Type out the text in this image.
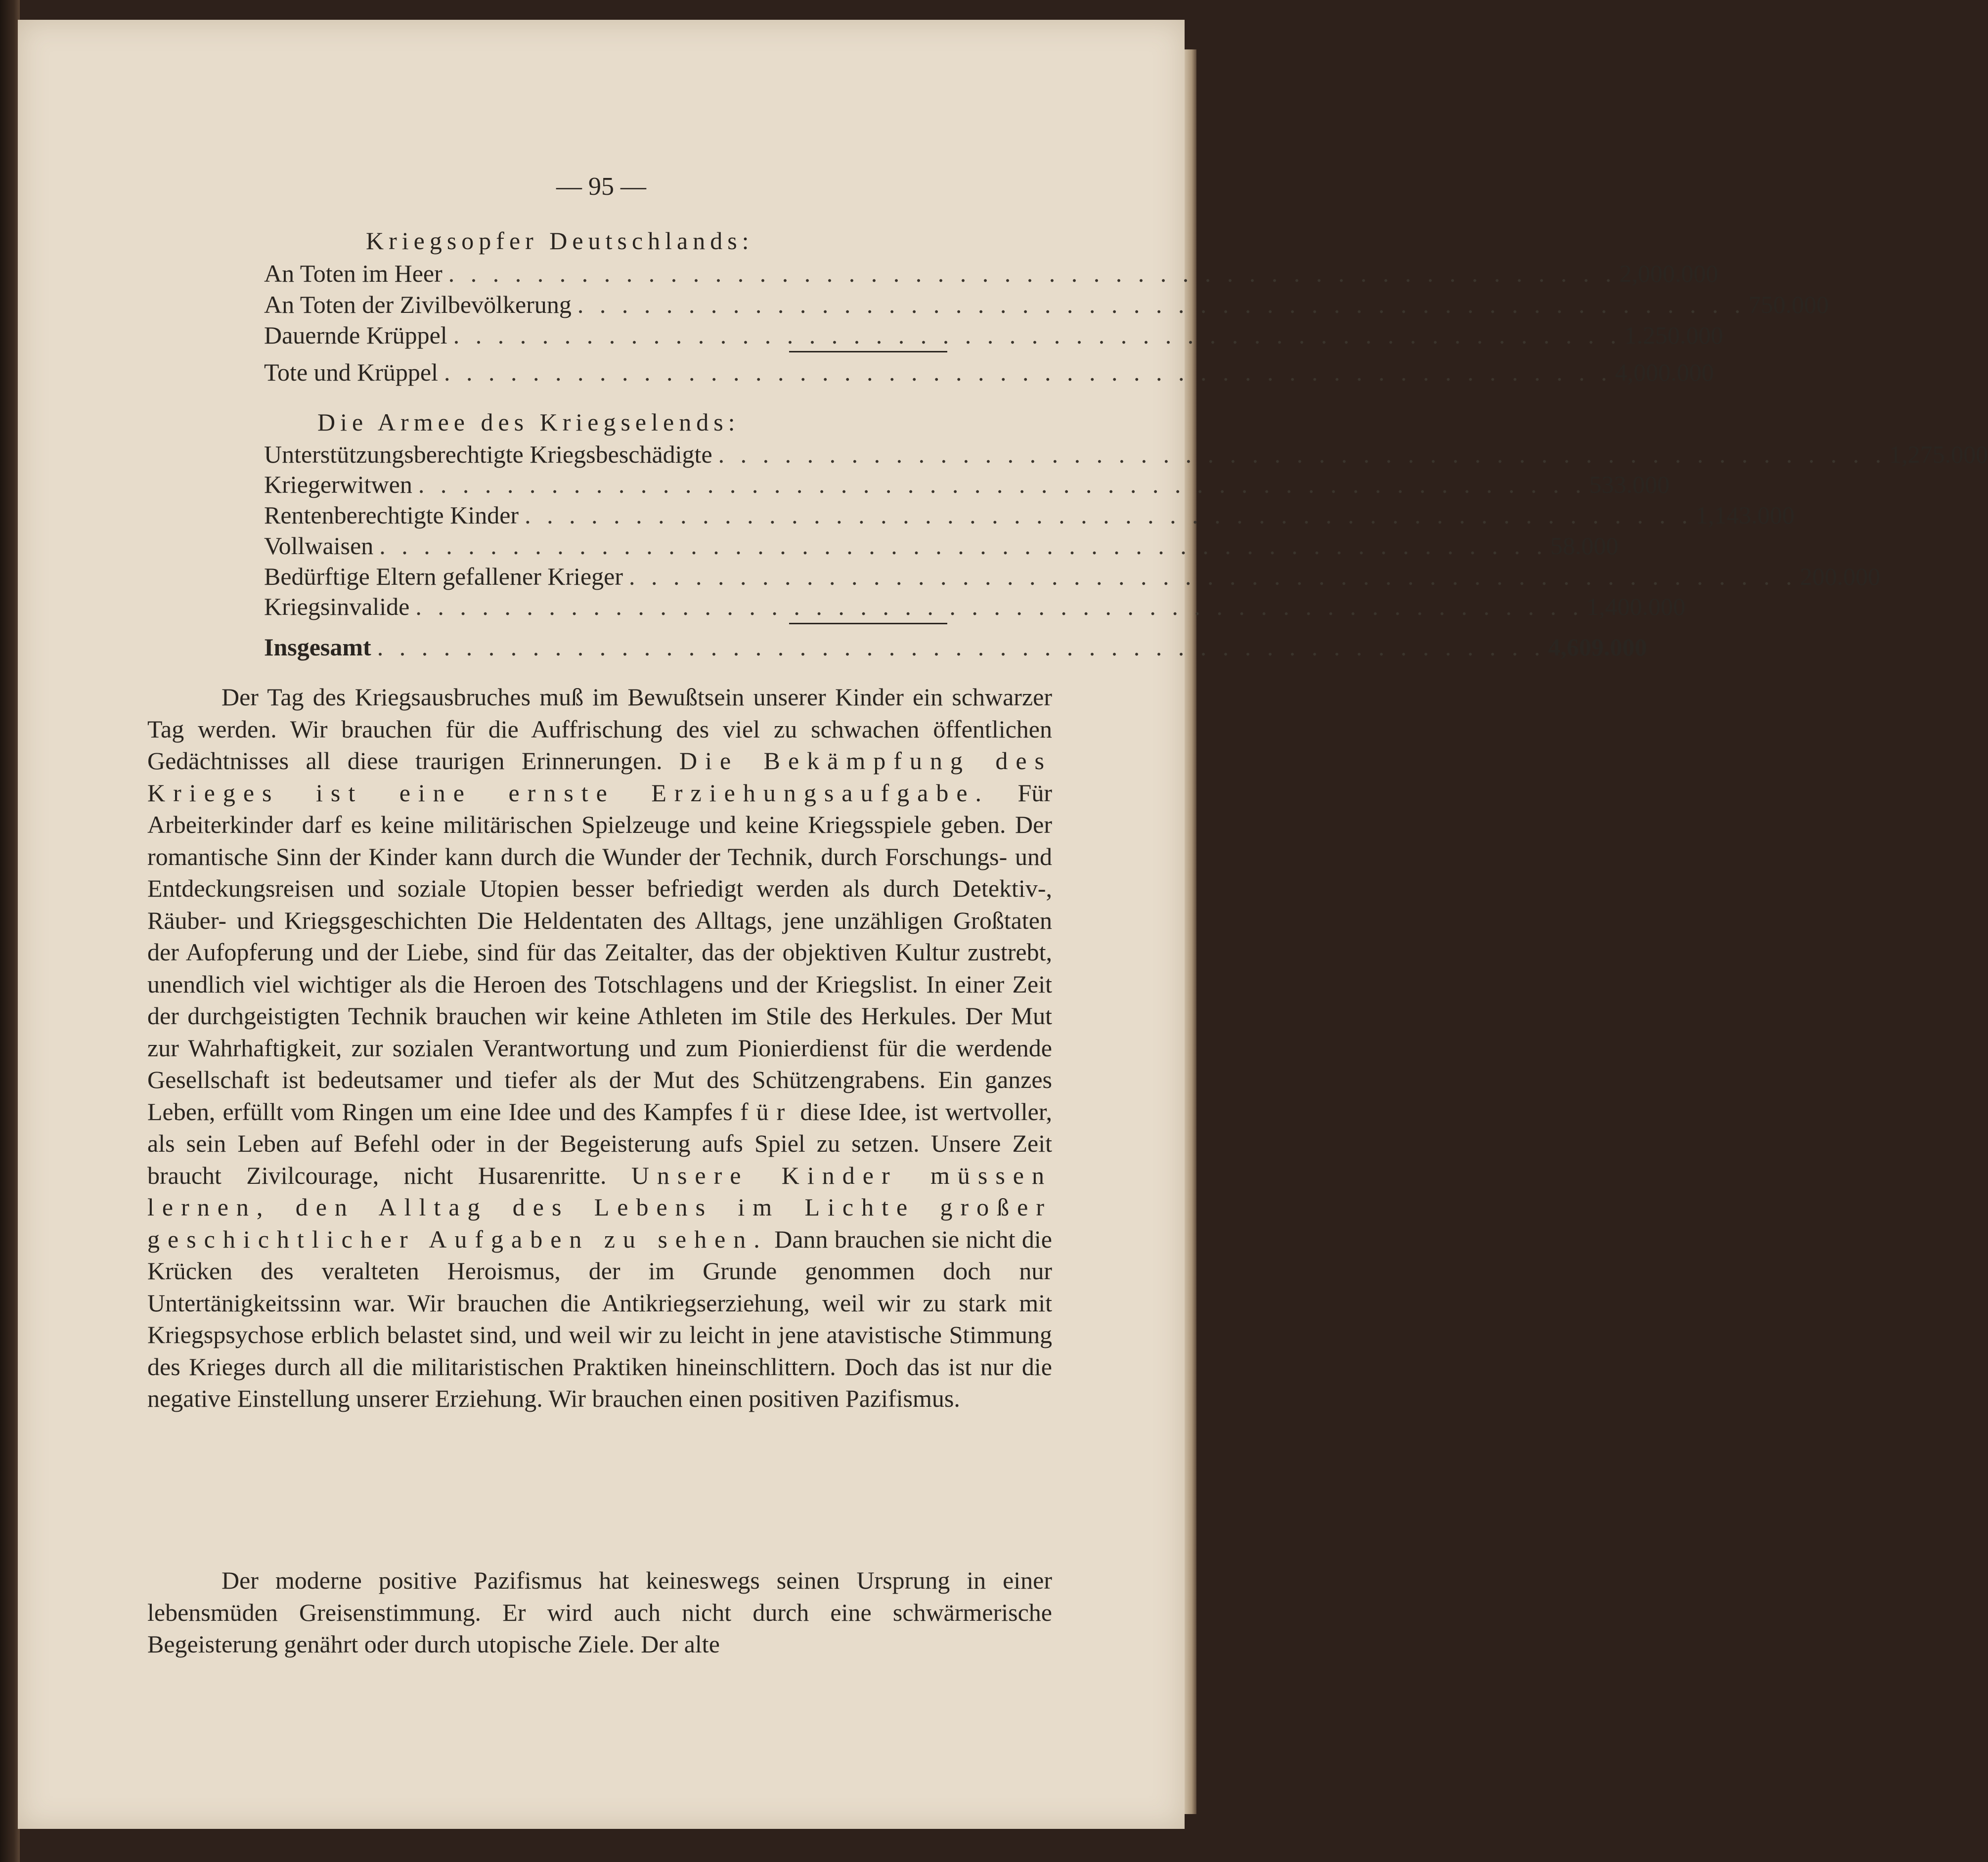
— 95 —
Kriegsopfer Deutschlands:
An Toten im Heer . . . . . . . . . . . . . . . . . . . . . . . . . . . . . . . . . . . . . . . . . . . . . . . . . . . . . 2,000.000
An Toten der Zivilbevölkerung . . . . . . . . . . . . . . . . . . . . . . . . . . . . . . . . . . . . . . . . . . . . . . . . . . . . . 750.000
Dauernde Krüppel . . . . . . . . . . . . . . . . . . . . . . . . . . . . . . . . . . . . . . . . . . . . . . . . . . . . . 1.250.000
Tote und Krüppel . . . . . . . . . . . . . . . . . . . . . . . . . . . . . . . . . . . . . . . . . . . . . . . . . . . . . 4,000.000
Die Armee des Kriegselends:
Unterstützungsberechtigte Kriegsbeschädigte . . . . . . . . . . . . . . . . . . . . . . . . . . . . . . . . . . . . . . . . . . . . . . . . . . . . . 1,275.000
Kriegerwitwen . . . . . . . . . . . . . . . . . . . . . . . . . . . . . . . . . . . . . . . . . . . . . . . . . . . . . 533.000
Rentenberechtigte Kinder . . . . . . . . . . . . . . . . . . . . . . . . . . . . . . . . . . . . . . . . . . . . . . . . . . . . . 1,143.000
Vollwaisen . . . . . . . . . . . . . . . . . . . . . . . . . . . . . . . . . . . . . . . . . . . . . . . . . . . . . 58.000
Bedürftige Eltern gefallener Krieger . . . . . . . . . . . . . . . . . . . . . . . . . . . . . . . . . . . . . . . . . . . . . . . . . . . . . 200.000
Kriegsinvalide . . . . . . . . . . . . . . . . . . . . . . . . . . . . . . . . . . . . . . . . . . . . . . . . . . . . . 1,400.000
Insgesamt . . . . . . . . . . . . . . . . . . . . . . . . . . . . . . . . . . . . . . . . . . . . . . . . . . . . . 4,609.000
Der Tag des Kriegsausbruches muß im Bewußtsein unserer Kinder ein schwarzer Tag werden. Wir brauchen für die Auffrischung des viel zu schwachen öffentlichen Gedächtnisses all diese traurigen Erinnerungen. Die Bekämpfung des Krieges ist eine ernste Erziehungsaufgabe. Für Arbeiterkinder darf es keine militärischen Spielzeuge und keine Kriegsspiele geben. Der romantische Sinn der Kinder kann durch die Wunder der Technik, durch Forschungs- und Entdeckungsreisen und soziale Utopien besser befriedigt werden als durch Detektiv-, Räuber- und Kriegsgeschichten Die Heldentaten des Alltags, jene unzähligen Großtaten der Aufopferung und der Liebe, sind für das Zeitalter, das der objektiven Kultur zustrebt, unendlich viel wichtiger als die Heroen des Totschlagens und der Kriegslist. In einer Zeit der durchgeistigten Technik brauchen wir keine Athleten im Stile des Herkules. Der Mut zur Wahrhaftigkeit, zur sozialen Verantwortung und zum Pionierdienst für die werdende Gesellschaft ist bedeutsamer und tiefer als der Mut des Schützengrabens. Ein ganzes Leben, erfüllt vom Ringen um eine Idee und des Kampfes für diese Idee, ist wertvoller, als sein Leben auf Befehl oder in der Begeisterung aufs Spiel zu setzen. Unsere Zeit braucht Zivilcourage, nicht Husarenritte. Unsere Kinder müssen lernen, den Alltag des Lebens im Lichte großer geschichtlicher Aufgaben zu sehen. Dann brauchen sie nicht die Krücken des veralteten Heroismus, der im Grunde genommen doch nur Untertänigkeitssinn war. Wir brauchen die Antikriegserziehung, weil wir zu stark mit Kriegspsychose erblich belastet sind, und weil wir zu leicht in jene atavistische Stimmung des Krieges durch all die militaristischen Praktiken hineinschlittern. Doch das ist nur die negative Einstellung unserer Erziehung. Wir brauchen einen positiven Pazifismus.
Der moderne positive Pazifismus hat keineswegs seinen Ursprung in einer lebensmüden Greisenstimmung. Er wird auch nicht durch eine schwärmerische Begeisterung genährt oder durch utopische Ziele. Der alte
